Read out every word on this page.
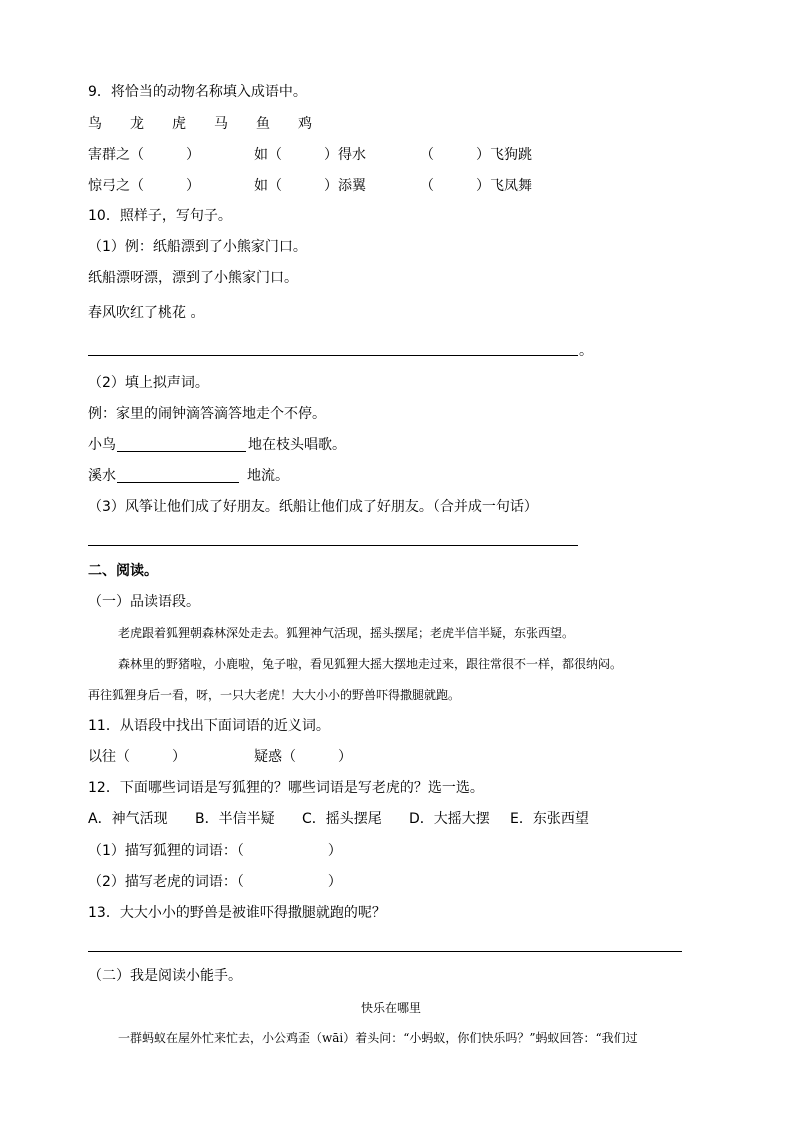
9．将恰当的动物名称填入成语中。
鸟 龙 虎 马 鱼 鸡
害群之（　　　）	如（　　　）得水	（　　　）飞狗跳
惊弓之（　　　）	如（　　　）添翼	（　　　）飞凤舞
10．照样子，写句子。
（1）例：纸船漂到了小熊家门口。
纸船漂呀漂，漂到了小熊家门口。
春风吹红了桃花 。
。
（2）填上拟声词。
例：家里的闹钟滴答滴答地走个不停。
小鸟	地在枝头唱歌。
溪水	地流。
（3）风筝让他们成了好朋友。纸船让他们成了好朋友。（合并成一句话）
二、阅读。
（一）品读语段。
老虎跟着狐狸朝森林深处走去。狐狸神气活现，摇头摆尾；老虎半信半疑，东张西望。
森林里的野猪啦，小鹿啦，兔子啦，看见狐狸大摇大摆地走过来，跟往常很不一样，都很纳闷。
再往狐狸身后一看，呀，一只大老虎！大大小小的野兽吓得撒腿就跑。
11．从语段中找出下面词语的近义词。
以往（　　　）	疑惑（　　　）
12．下面哪些词语是写狐狸的？哪些词语是写老虎的？选一选。
A．神气活现 B．半信半疑 C．摇头摆尾 D．大摇大摆 E．东张西望
（1）描写狐狸的词语：（　　　　　　）
（2）描写老虎的词语：（　　　　　　）
13．大大小小的野兽是被谁吓得撒腿就跑的呢？
（二）我是阅读小能手。
快乐在哪里
一群蚂蚁在屋外忙来忙去，小公鸡歪（wāi）着头问：“小蚂蚁，你们快乐吗？”蚂蚁回答：“我们过
